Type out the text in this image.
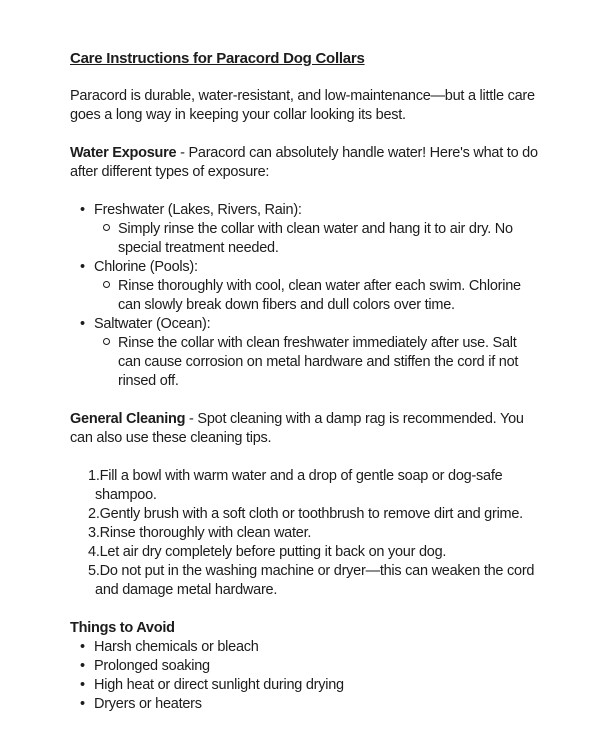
Care Instructions for Paracord Dog Collars

Paracord is durable, water-resistant, and low-maintenance—but a little care goes a long way in keeping your collar looking its best.

Water Exposure - Paracord can absolutely handle water! Here's what to do after different types of exposure:

• Freshwater (Lakes, Rivers, Rain):
Simply rinse the collar with clean water and hang it to air dry. No special treatment needed.
• Chlorine (Pools):
Rinse thoroughly with cool, clean water after each swim. Chlorine can slowly break down fibers and dull colors over time.
• Saltwater (Ocean):
Rinse the collar with clean freshwater immediately after use. Salt can cause corrosion on metal hardware and stiffen the cord if not rinsed off.

General Cleaning - Spot cleaning with a damp rag is recommended. You can also use these cleaning tips.

Fill a bowl with warm water and a drop of gentle soap or dog-safe shampoo.
Gently brush with a soft cloth or toothbrush to remove dirt and grime.
Rinse thoroughly with clean water.
Let air dry completely before putting it back on your dog.
Do not put in the washing machine or dryer—this can weaken the cord and damage metal hardware.

Things to Avoid

• Harsh chemicals or bleach
• Prolonged soaking
• High heat or direct sunlight during drying
• Dryers or heaters
